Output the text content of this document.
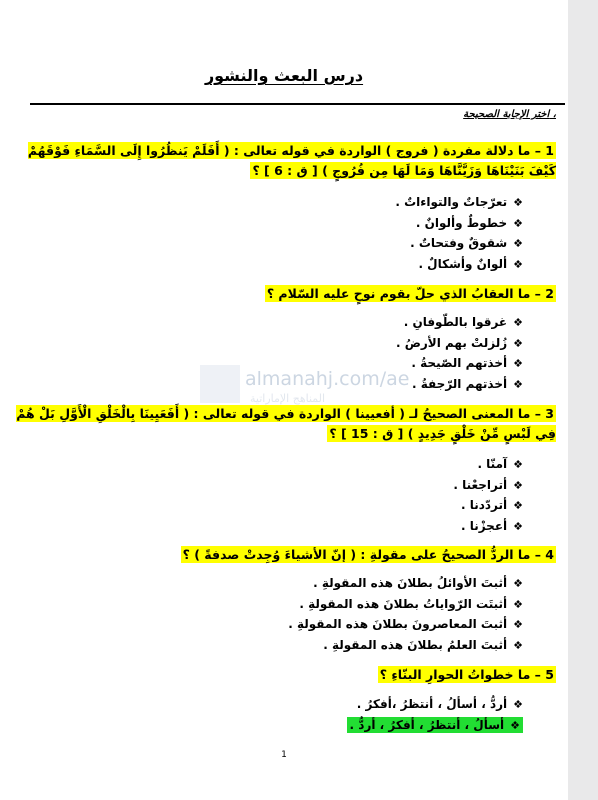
almanahj.com/ae
المناهج الإماراتية
درس البعث والنشور
اختر الإجابة الصحيحة ،
1 – ما دلالة مفردة ( فروج ) الواردة في قوله تعالى : ( أَفَلَمْ يَنظُرُوا إِلَى السَّمَاءِ فَوْقَهُمْ كَيْفَ بَنَيْنَاهَا وَزَيَّنَّاهَا وَمَا لَهَا مِن فُرُوجٍ ) [ ق : 6 ] ؟
❖تعرّجاتٌ والتواءاتٌ .
❖خطوطٌ وألوانٌ .
❖شقوقٌ وفتحاتٌ .
❖ألوانٌ وأشكالٌ .
2 – ما العقابُ الذي حلّ بقوم نوحٍ عليه السّلام ؟
❖غرقوا بالطّوفانِ .
❖زُلزلتْ بهم الأرضُ .
❖أخذتهم الصّيحةُ .
❖أخذتهم الرّجفةُ .
3 – ما المعنى الصحيحُ لـ ( أفعيينا ) الواردة في قوله تعالى : ( أَفَعَيِينَا بِالْخَلْقِ الْأَوَّلِ بَلْ هُمْ فِي لَبْسٍ مِّنْ خَلْقٍ جَدِيدٍ ) [ ق : 15 ] ؟
❖آمنّا .
❖أتراجعْنا .
❖أتردّدنا .
❖أعجزْنا .
4 – ما الردُّ الصحيحُ على مقولةِ : ( إنّ الأشياءَ وُجِدتْ صدفةً ) ؟
❖أثبتَ الأوائلُ بطلانَ هذه المقولةِ .
❖أثبتَت الرّواياتُ بطلانَ هذه المقولةِ .
❖أثبتَ المعاصرونَ بطلانَ هذه المقولةِ .
❖أثبتَ العلمُ بطلانَ هذه المقولةِ .
5 – ما خطواتُ الحوارِ البنّاءِ ؟
❖أردُّ ، أسألُ ، أنتظرُ ،أفكرُ .
❖أسألُ ، أنتظرُ ، أفكرُ ، أردُّ .
1
